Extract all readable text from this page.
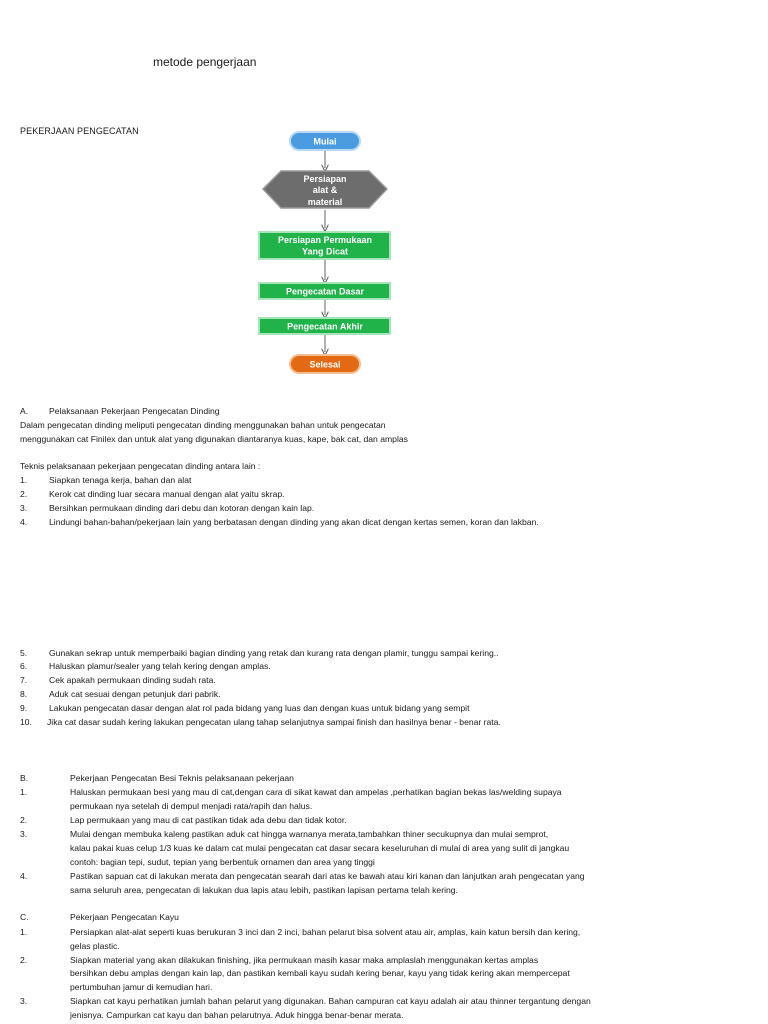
metode pengerjaan
PEKERJAAN PENGECATAN
Mulai
Persiapan
alat &
material
Persiapan Permukaan
Yang Dicat
Pengecatan Dasar
Pengecatan Akhir
Selesai
A. Pelaksanaan Pekerjaan Pengecatan Dinding
Dalam pengecatan dinding meliputi pengecatan dinding menggunakan bahan untuk pengecatan
menggunakan cat Finilex dan untuk alat yang digunakan diantaranya kuas, kape, bak cat, dan amplas
Teknis pelaksanaan pekerjaan pengecatan dinding antara lain :
1.	Siapkan tenaga kerja, bahan dan alat
2.	Kerok cat dinding luar secara manual dengan alat yaitu skrap.
3.	Bersihkan permukaan dinding dari debu dan kotoran dengan kain lap.
4.	Lindungi bahan-bahan/pekerjaan lain yang berbatasan dengan dinding yang akan dicat dengan kertas semen, koran dan lakban.
5.	Gunakan sekrap untuk memperbaiki bagian dinding yang retak dan kurang rata dengan plamir, tunggu sampai kering..
6.	Haluskan plamur/sealer yang telah kering dengan amplas.
7.	Cek apakah permukaan dinding sudah rata.
8.	Aduk cat sesuai dengan petunjuk dari pabrik.
9.	Lakukan pengecatan dasar dengan alat rol pada bidang yang luas dan dengan kuas untuk bidang yang sempit
10. Jika cat dasar sudah kering lakukan pengecatan ulang tahap selanjutnya sampai finish dan hasilnya benar - benar rata.
B.	Pekerjaan Pengecatan Besi Teknis pelaksanaan pekerjaan
1.	Haluskan permukaan besi yang mau di cat,dengan cara di sikat kawat dan ampelas ,perhatikan bagian bekas las/welding supaya
permukaan nya setelah di dempul menjadi rata/rapih dan halus.
2.	Lap permukaan yang mau di cat pastikan tidak ada debu dan tidak kotor.
3.	Mulai dengan membuka kaleng pastikan aduk cat hingga warnanya merata,tambahkan thiner secukupnya dan mulai semprot,
kalau pakai kuas celup 1/3 kuas ke dalam cat mulai pengecatan cat dasar secara keseluruhan di mulai di area yang sulit di jangkau
contoh: bagian tepi, sudut, tepian yang berbentuk ornamen dan area yang tinggi
4.	Pastikan sapuan cat di lakukan merata dan pengecatan searah dari atas ke bawah atau kiri kanan dan lanjutkan arah pengecatan yang
sama seluruh area, pengecatan di lakukan dua lapis atau lebih, pastikan lapisan pertama telah kering.
C.	Pekerjaan Pengecatan Kayu
1.	Persiapkan alat-alat seperti kuas berukuran 3 inci dan 2 inci, bahan pelarut bisa solvent atau air, amplas, kain katun bersih dan kering,
gelas plastic.
2.	Siapkan material yang akan dilakukan finishing, jika permukaan masih kasar maka amplaslah menggunakan kertas amplas
bersihkan debu amplas dengan kain lap, dan pastikan kembali kayu sudah kering benar, kayu yang tidak kering akan mempercepat
pertumbuhan jamur di kemudian hari.
3.	Siapkan cat kayu perhatikan jumlah bahan pelarut yang digunakan. Bahan campuran cat kayu adalah air atau thinner tergantung dengan
jenisnya. Campurkan cat kayu dan bahan pelarutnya. Aduk hingga benar-benar merata.
